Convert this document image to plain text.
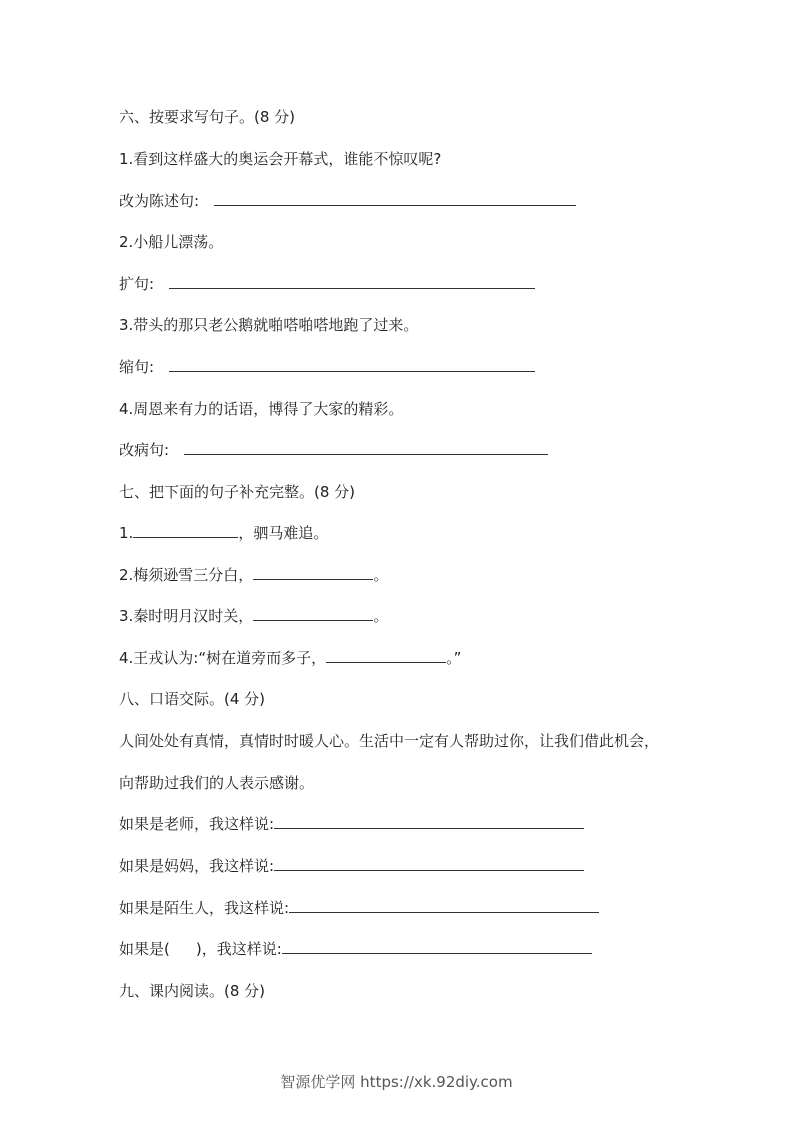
六、按要求写句子。(8 分)
1.看到这样盛大的奥运会开幕式，谁能不惊叹呢?
改为陈述句:
2.小船儿漂荡。
扩句:
3.带头的那只老公鹅就啪嗒啪嗒地跑了过来。
缩句:
4.周恩来有力的话语，博得了大家的精彩。
改病句:
七、把下面的句子补充完整。(8 分)
1.	，驷马难追。
2.梅须逊雪三分白，	。
3.秦时明月汉时关，	。
4.王戎认为:“树在道旁而多子，	。”
八、口语交际。(4 分)
人间处处有真情，真情时时暖人心。生活中一定有人帮助过你，让我们借此机会，
向帮助过我们的人表示感谢。
如果是老师，我这样说:
如果是妈妈，我这样说:
如果是陌生人，我这样说:
如果是( )，我这样说:
九、课内阅读。(8 分)
智源优学网 https://xk.92diy.com
